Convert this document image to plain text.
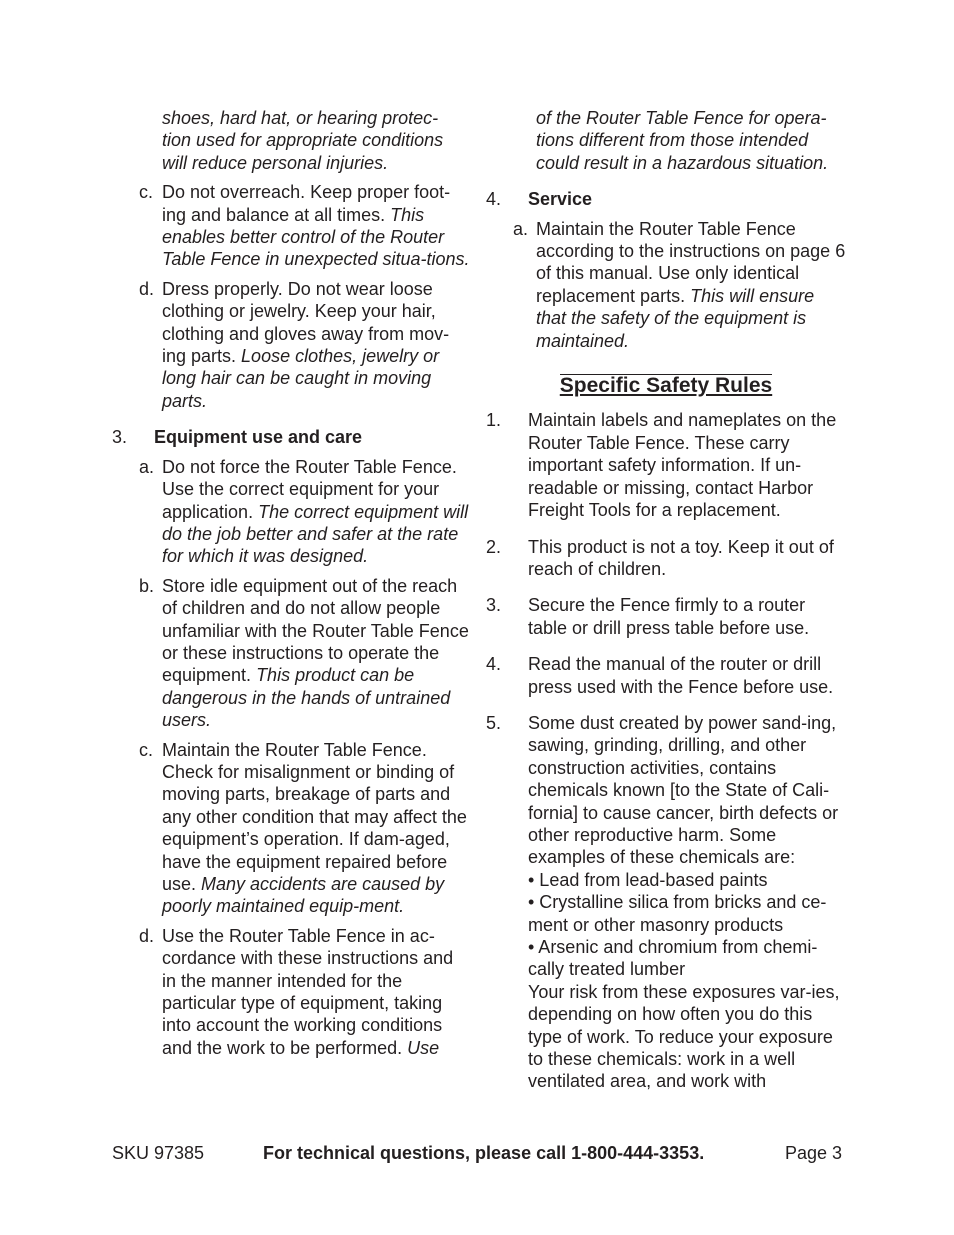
shoes, hard hat, or hearing protec-
tion used for appropriate conditions
will reduce personal injuries.
c. Do not overreach. Keep proper foot-ing and balance at all times. This enables better control of the Router Table Fence in unexpected situa-tions.
d. Dress properly. Do not wear loose clothing or jewelry. Keep your hair, clothing and gloves away from mov-ing parts. Loose clothes, jewelry or long hair can be caught in moving parts.
3. Equipment use and care
a. Do not force the Router Table Fence. Use the correct equipment for your application. The correct equipment will do the job better and safer at the rate for which it was designed.
b. Store idle equipment out of the reach of children and do not allow people unfamiliar with the Router Table Fence or these instructions to operate the equipment. This product can be dangerous in the hands of untrained users.
c. Maintain the Router Table Fence. Check for misalignment or binding of moving parts, breakage of parts and any other condition that may affect the equipment’s operation. If dam-aged, have the equipment repaired before use. Many accidents are caused by poorly maintained equip-ment.
d. Use the Router Table Fence in ac-cordance with these instructions and in the manner intended for the particular type of equipment, taking into account the working conditions and the work to be performed. Use
of the Router Table Fence for opera-tions different from those intended could result in a hazardous situation.
4. Service
a. Maintain the Router Table Fence according to the instructions on page 6 of this manual. Use only identical replacement parts. This will ensure that the safety of the equipment is maintained.
Specific Safety Rules
1. Maintain labels and nameplates on the Router Table Fence. These carry important safety information. If un-readable or missing, contact Harbor Freight Tools for a replacement.
2. This product is not a toy. Keep it out of reach of children.
3. Secure the Fence firmly to a router table or drill press table before use.
4. Read the manual of the router or drill press used with the Fence before use.
5. Some dust created by power sand-ing, sawing, grinding, drilling, and other construction activities, contains chemicals known [to the State of Cali-fornia] to cause cancer, birth defects or other reproductive harm. Some examples of these chemicals are:
• Lead from lead-based paints
• Crystalline silica from bricks and ce-ment or other masonry products
• Arsenic and chromium from chemi-cally treated lumber
Your risk from these exposures var-ies, depending on how often you do this type of work. To reduce your exposure to these chemicals: work in a well ventilated area, and work with
SKU 97385	For technical questions, please call 1-800-444-3353.	Page 3
